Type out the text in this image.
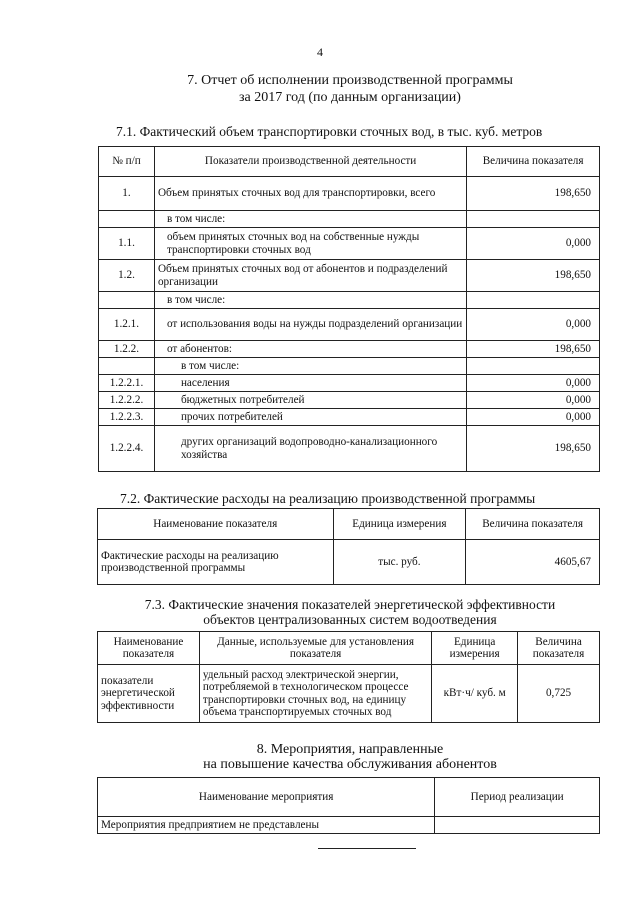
4
7. Отчет об исполнении производственной программы
за 2017 год (по данным организации)
7.1. Фактический объем транспортировки сточных вод, в тыс. куб. метров
№ п/п	Показатели производственной деятельности	Величина показателя
1.	Объем принятых сточных вод для транспортировки, всего	198,650
	в том числе:	
1.1.	объем принятых сточных вод на собственные нужды транспортировки сточных вод	0,000
1.2.	Объем принятых сточных вод от абонентов и подразделений организации	198,650
	в том числе:	
1.2.1.	от использования воды на нужды подразделений организации	0,000
1.2.2.	от абонентов:	198,650
	в том числе:	
1.2.2.1.	населения	0,000
1.2.2.2.	бюджетных потребителей	0,000
1.2.2.3.	прочих потребителей	0,000
1.2.2.4.	других организаций водопроводно-канализационного хозяйства	198,650
7.2. Фактические расходы на реализацию производственной программы
Наименование показателя	Единица измерения	Величина показателя
Фактические расходы на реализацию производственной программы	тыс. руб.	4605,67
7.3. Фактические значения показателей энергетической эффективности
объектов централизованных систем водоотведения
Наименование показателя	Данные, используемые для установления показателя	Единица измерения	Величина показателя
показатели энергетической эффективности	удельный расход электрической энергии, потребляемой в технологическом процессе транспортировки сточных вод, на единицу объема транспортируемых сточных вод	кВт·ч/ куб. м	0,725
8. Мероприятия, направленные
на повышение качества обслуживания абонентов
Наименование мероприятия	Период реализации
Мероприятия предприятием не представлены	
